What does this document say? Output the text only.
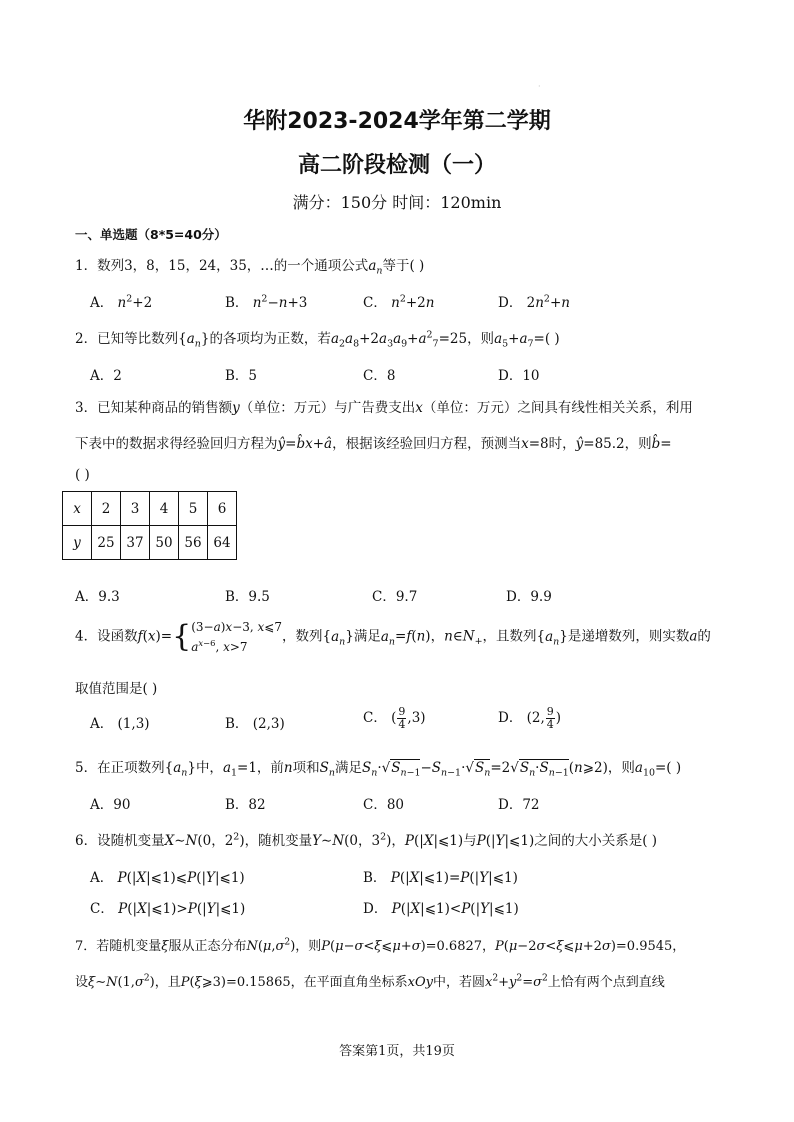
·
华附2023-2024学年第二学期
高二阶段检测（一）
满分：150分 时间：120min
一、单选题（8*5=40分）
1．数列3，8，15，24，35，…的一个通项公式$a_n$等于( )
A． $n^2+2$	B． $n^2-n+3$	C． $n^2+2n$	D． $2n^2+n$
2．已知等比数列$\{a_n\}$的各项均为正数，若$a_2a_8+2a_3a_9+a^2_7=25$，则$a_5+a_7=$( )
A．2	B．5	C．8	D．10
3．已知某种商品的销售额y（单位：万元）与广告费支出x（单位：万元）之间具有线性相关关系，利用
下表中的数据求得经验回归方程为ŷ=b̂x+â，根据该经验回归方程，预测当x=8时，ŷ=85.2，则b̂=
( )
x	2	3	4	5	6
y	25	37	50	56	64
A．9.3	B．9.5	C．9.7	D．9.9
4．设函数f(x)={ (3−a)x−3, x⩽7
$a^{x-6}$, x>7
，数列$\{a_n\}$满足$a_n=f(n)$，$n\in N_+$，且数列$\{a_n\}$是递增数列，则实数a的
取值范围是( )
A． (1,3)	B． (2,3)	C． ( $\frac{9}{4} ,3$)	D． (2, $\frac{9}{4}$ )
5．在正项数列$\{a_n\}$中，$a_1=1$，前n项和$S_n$满足$S_n\cdot√S_{n-1}-S_{n-1}\cdot√S_n=2√S_n\cdot S_{n-1}(n⩾2)$，则$a_{10}=$( )
A．90	B．82	C．80	D．72
6．设随机变量X∼N(0，$2^2$)，随机变量Y∼N(0，$3^2$)，P(|X|⩽1)与P(|Y|⩽1)之间的大小关系是( )
A． P(|X|⩽1)⩽P(|Y|⩽1)	B． P(|X|⩽1)=P(|Y|⩽1)
C． P(|X|⩽1)>P(|Y|⩽1)	D． P(|X|⩽1)<P(|Y|⩽1)
7．若随机变量ξ服从正态分布$N(\mu,\sigma^2)$，则P(μ−σ<ξ⩽μ+σ)=0.6827，P(μ−2σ<ξ⩽μ+2σ)=0.9545，
设$\xi\sim N(1,\sigma^2)$，且P(ξ⩾3)=0.15865，在平面直角坐标系xOy中，若圆$x^2+y^2=\sigma^2$上恰有两个点到直线
答案第1页，共19页
